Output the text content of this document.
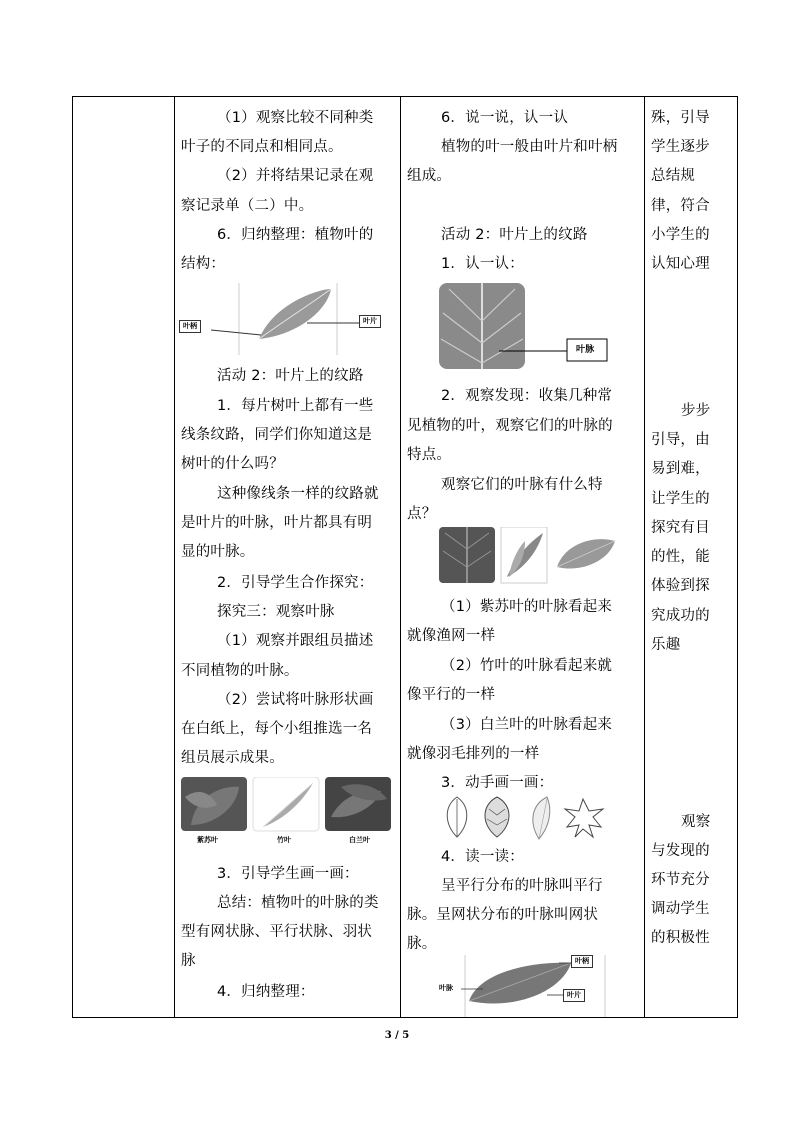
（1）观察比较不同种类
叶子的不同点和相同点。
（2）并将结果记录在观
察记录单（二）中。
6．归纳整理：植物叶的
结构：
叶柄
叶片
活动 2：叶片上的纹路
1．每片树叶上都有一些
线条纹路，同学们你知道这是
树叶的什么吗？
这种像线条一样的纹路就
是叶片的叶脉，叶片都具有明
显的叶脉。
2．引导学生合作探究：
探究三：观察叶脉
（1）观察并跟组员描述
不同植物的叶脉。
（2）尝试将叶脉形状画
在白纸上，每个小组推选一名
组员展示成果。
紫苏叶	竹叶	白兰叶
3．引导学生画一画：
总结：植物叶的叶脉的类
型有网状脉、平行状脉、羽状
脉
4．归纳整理：
6．说一说，认一认
植物的叶一般由叶片和叶柄
组成。
活动 2：叶片上的纹路
1．认一认：
叶脉
2．观察发现：收集几种常
见植物的叶，观察它们的叶脉的
特点。
观察它们的叶脉有什么特
点？
（1）紫苏叶的叶脉看起来
就像渔网一样
（2）竹叶的叶脉看起来就
像平行的一样
（3）白兰叶的叶脉看起来
就像羽毛排列的一样
3．动手画一画：
4．读一读：
呈平行分布的叶脉叫平行
脉。呈网状分布的叶脉叫网状
脉。
叶脉
叶柄
叶片
殊，引导
学生逐步
总结规
律，符合
小学生的
认知心理
步步
引导，由
易到难，
让学生的
探究有目
的性，能
体验到探
究成功的
乐趣
观察
与发现的
环节充分
调动学生
的积极性
3 / 5
